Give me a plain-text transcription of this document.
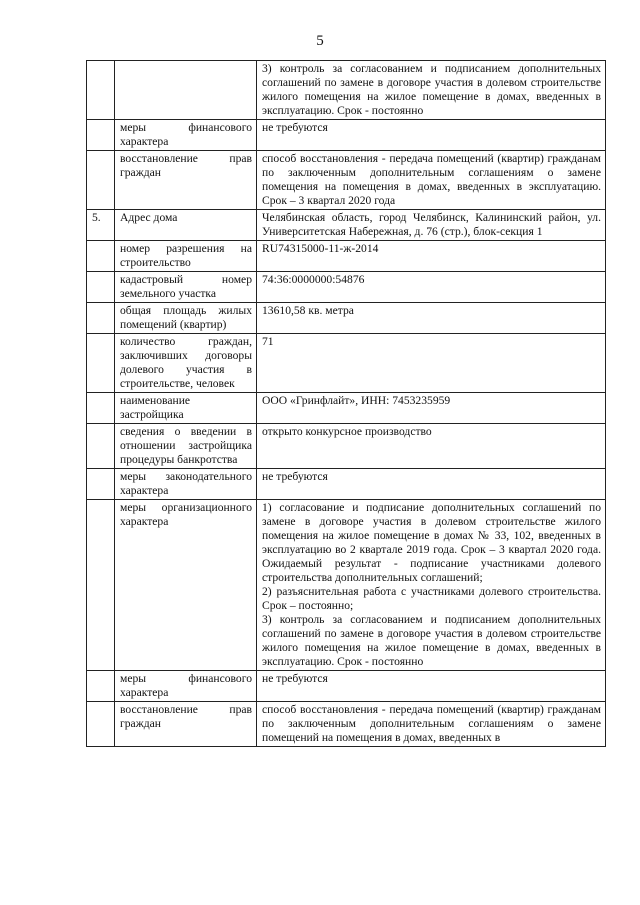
5

		3) контроль за согласованием и подписанием дополнительных соглашений по замене в договоре участия в долевом строительстве жилого помещения на жилое помещение в домах, введенных в эксплуатацию. Срок - постоянно

	меры финансового характера	не требуются

	восстановление прав граждан	способ восстановления - передача помещений (квартир) гражданам по заключенным дополнительным соглашениям о замене помещения на помещения в домах, введенных в эксплуатацию. Срок – 3 квартал 2020 года

5.	Адрес дома	Челябинская область, город Челябинск, Калининский район, ул. Университетская Набережная, д. 76 (стр.), блок-секция 1

	номер разрешения на строительство	RU74315000-11-ж-2014

	кадастровый номер земельного участка	74:36:0000000:54876

	общая площадь жилых помещений (квартир)	13610,58 кв. метра

	количество граждан, заключивших договоры долевого участия в строительстве, человек	71

	наименование застройщика	ООО «Гринфлайт», ИНН: 7453235959

	сведения о введении в отношении застройщика процедуры банкротства	открыто конкурсное производство

	меры законодательного характера	не требуются

	меры организационного характера	1) согласование и подписание дополнительных соглашений по замене в договоре участия в долевом строительстве жилого помещения на жилое помещение в домах № 33, 102, введенных в эксплуатацию во 2 квартале 2019 года. Срок – 3 квартал 2020 года. Ожидаемый результат - подписание участниками долевого строительства дополнительных соглашений;
2) разъяснительная работа с участниками долевого строительства. Срок – постоянно;
3) контроль за согласованием и подписанием дополнительных соглашений по замене в договоре участия в долевом строительстве жилого помещения на жилое помещение в домах, введенных в эксплуатацию. Срок - постоянно

	меры финансового характера	не требуются

	восстановление прав граждан	способ восстановления - передача помещений (квартир) гражданам по заключенным дополнительным соглашениям о замене помещений на помещения в домах, введенных в
